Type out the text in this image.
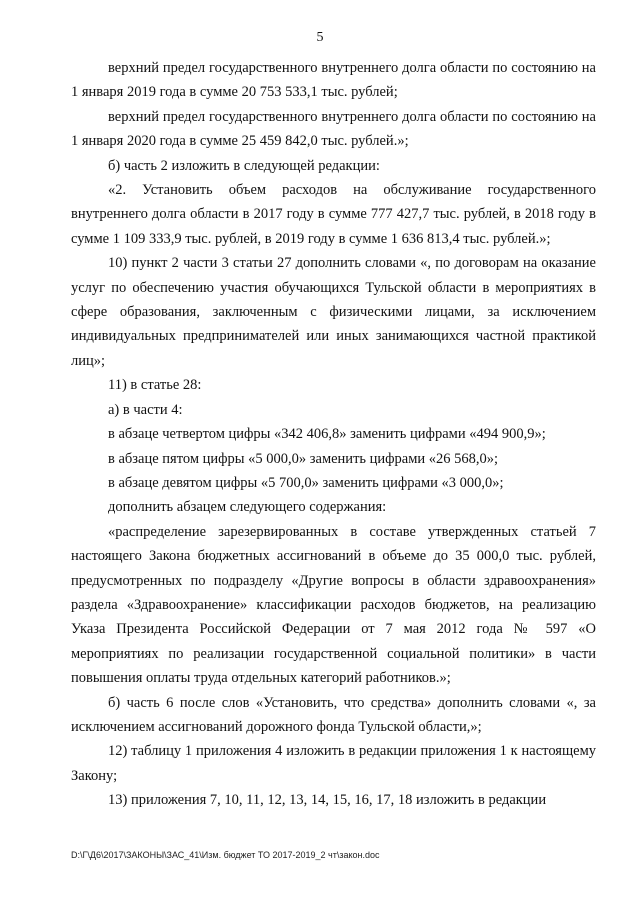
5

верхний предел государственного внутреннего долга области по состоянию на 1 января 2019 года в сумме 20 753 533,1 тыс. рублей;

верхний предел государственного внутреннего долга области по состоянию на 1 января 2020 года в сумме 25 459 842,0 тыс. рублей.»;

б) часть 2 изложить в следующей редакции:

«2. Установить объем расходов на обслуживание государственного внутреннего долга области в 2017 году в сумме 777 427,7 тыс. рублей, в 2018 году в сумме 1 109 333,9 тыс. рублей, в 2019 году в сумме 1 636 813,4 тыс. рублей.»;

10) пункт 2 части 3 статьи 27 дополнить словами «, по договорам на оказание услуг по обеспечению участия обучающихся Тульской области в мероприятиях в сфере образования, заключенным с физическими лицами, за исключением индивидуальных предпринимателей или иных занимающихся частной практикой лиц»;

11) в статье 28:

а) в части 4:

в абзаце четвертом цифры «342 406,8» заменить цифрами «494 900,9»;

в абзаце пятом цифры «5 000,0» заменить цифрами «26 568,0»;

в абзаце девятом цифры «5 700,0» заменить цифрами «3 000,0»;

дополнить абзацем следующего содержания:

«распределение зарезервированных в составе утвержденных статьей 7 настоящего Закона бюджетных ассигнований в объеме до 35 000,0 тыс. рублей, предусмотренных по подразделу «Другие вопросы в области здравоохранения» раздела «Здравоохранение» классификации расходов бюджетов, на реализацию Указа Президента Российской Федерации от 7 мая 2012 года № 597 «О мероприятиях по реализации государственной социальной политики» в части повышения оплаты труда отдельных категорий работников.»;

б) часть 6 после слов «Установить, что средства» дополнить словами «, за исключением ассигнований дорожного фонда Тульской области,»;

12) таблицу 1 приложения 4 изложить в редакции приложения 1 к настоящему Закону;

13) приложения 7, 10, 11, 12, 13, 14, 15, 16, 17, 18 изложить в редакции

D:\Г\Д6\2017\ЗАКОНЫ\ЗАС_41\Изм. бюджет ТО 2017-2019_2 чт\закон.doc
